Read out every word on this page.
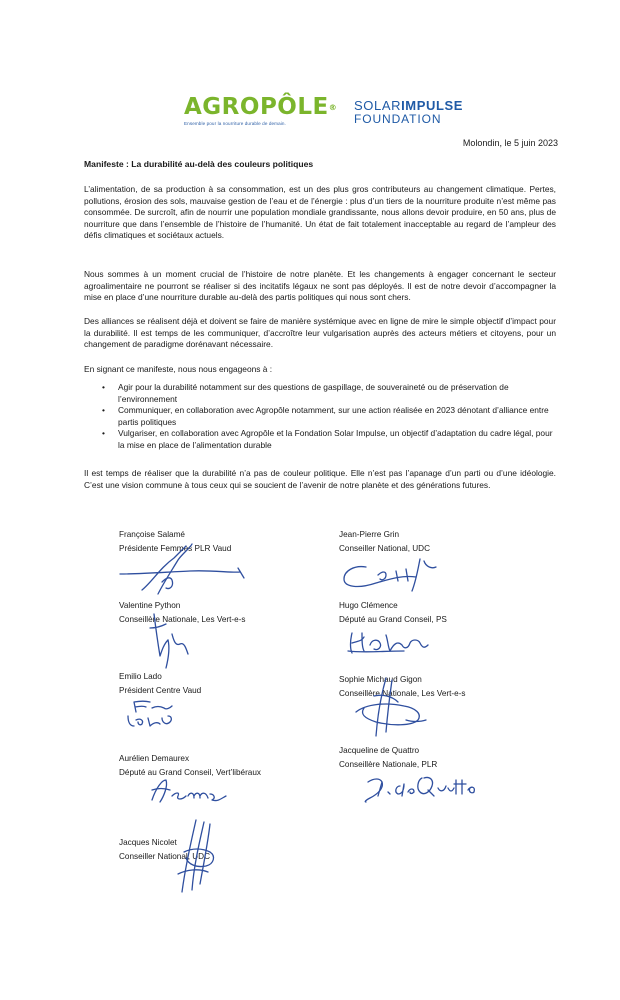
AGROPÔLE®
Ensemble pour la nourriture durable de demain.
SOLARIMPULSE
FOUNDATION
Molondin, le 5 juin 2023
Manifeste : La durabilité au-delà des couleurs politiques

L’alimentation, de sa production à sa consommation, est un des plus gros contributeurs au changement climatique. Pertes, pollutions, érosion des sols, mauvaise gestion de l’eau et de l’énergie : plus d’un tiers de la nourriture produite n’est même pas consommée. De surcroît, afin de nourrir une population mondiale grandissante, nous allons devoir produire, en 50 ans, plus de nourriture que dans l’ensemble de l’histoire de l’humanité. Un état de fait totalement inacceptable au regard de l’ampleur des défis climatiques et sociétaux actuels.

Nous sommes à un moment crucial de l’histoire de notre planète. Et les changements à engager concernant le secteur agroalimentaire ne pourront se réaliser si des incitatifs légaux ne sont pas déployés. Il est de notre devoir d’accompagner la mise en place d’une nourriture durable au-delà des partis politiques qui nous sont chers.

Des alliances se réalisent déjà et doivent se faire de manière systémique avec en ligne de mire le simple objectif d’impact pour la durabilité. Il est temps de les communiquer, d’accroître leur vulgarisation auprès des acteurs métiers et citoyens, pour un changement de paradigme dorénavant nécessaire.

En signant ce manifeste, nous nous engageons à :

• Agir pour la durabilité notamment sur des questions de gaspillage, de souveraineté ou de préservation de l’environnement
• Communiquer, en collaboration avec Agropôle notamment, sur une action réalisée en 2023 dénotant d’alliance entre partis politiques
• Vulgariser, en collaboration avec Agropôle et la Fondation Solar Impulse, un objectif d’adaptation du cadre légal, pour la mise en place de l’alimentation durable

Il est temps de réaliser que la durabilité n’a pas de couleur politique. Elle n’est pas l’apanage d’un parti ou d’une idéologie. C’est une vision commune à tous ceux qui se soucient de l’avenir de notre planète et des générations futures.

Françoise Salamé
Présidente Femmes PLR Vaud
Jean-Pierre Grin
Conseiller National, UDC
Valentine Python
Conseillère Nationale, Les Vert-e-s
Hugo Clémence
Député au Grand Conseil, PS
Emilio Lado
Président Centre Vaud
Sophie Michaud Gigon
Conseillère Nationale, Les Vert-e-s
Aurélien Demaurex
Député au Grand Conseil, Vert’libéraux
Jacqueline de Quattro
Conseillère Nationale, PLR
Jacques Nicolet
Conseiller National, UDC
